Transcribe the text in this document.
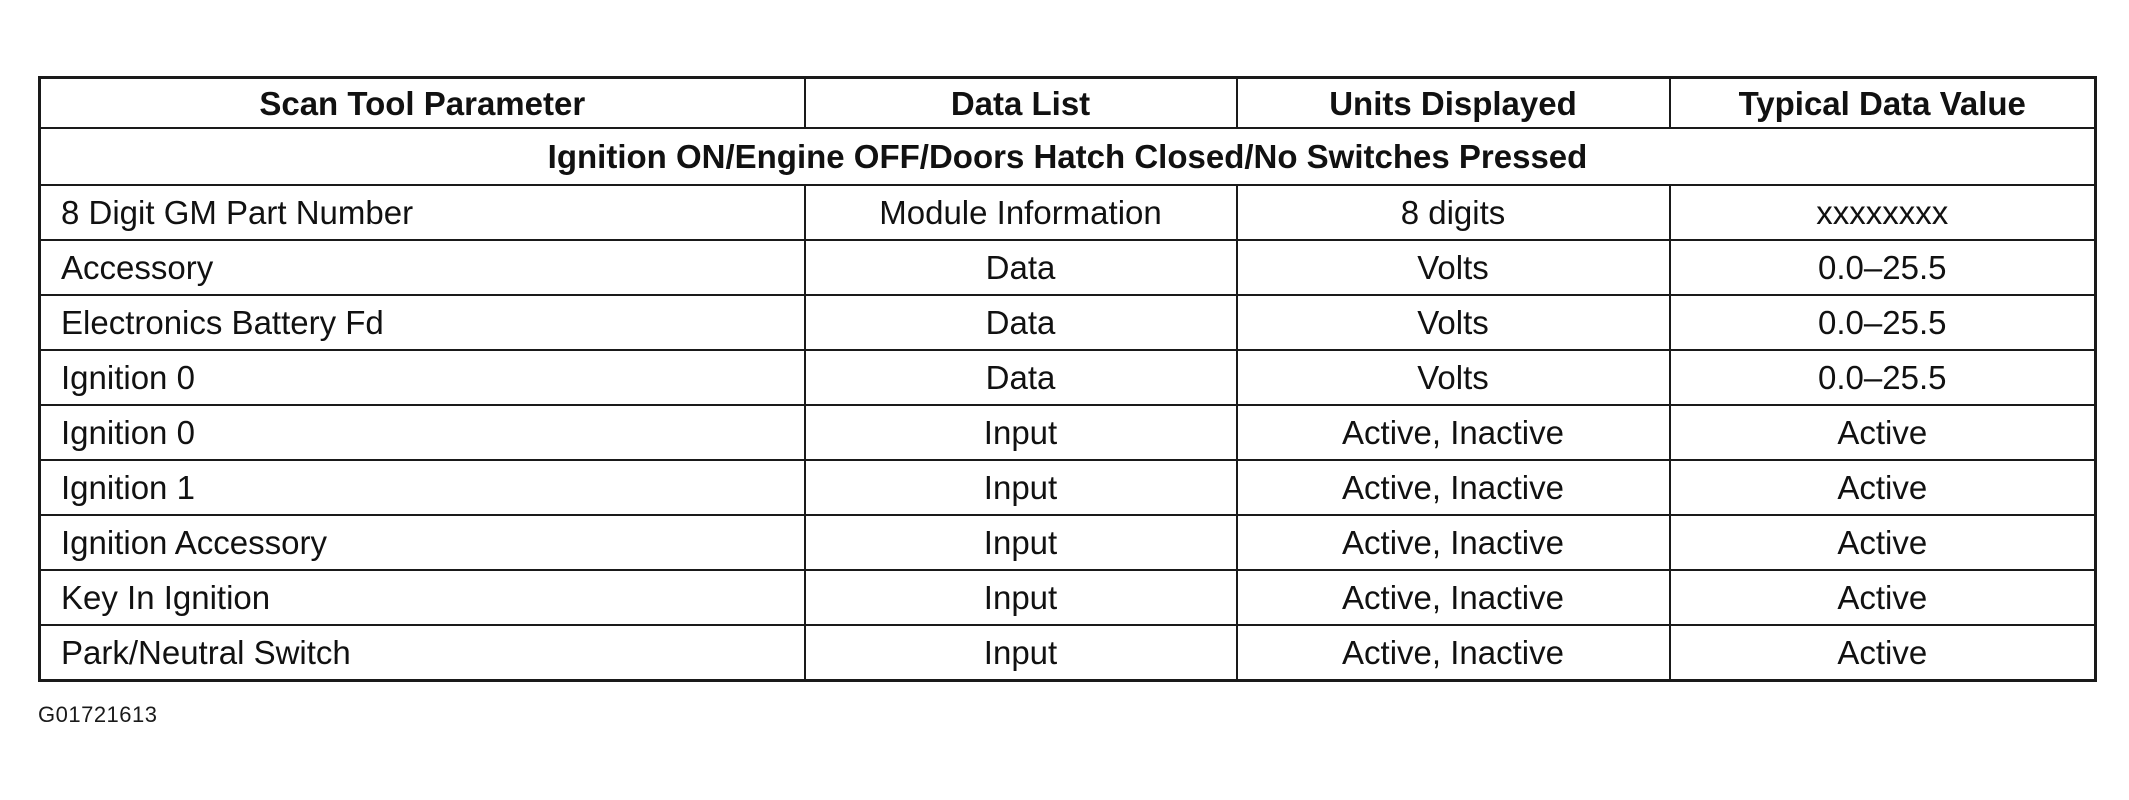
Scan Tool Parameter	Data List	Units Displayed	Typical Data Value
Ignition ON/Engine OFF/Doors Hatch Closed/No Switches Pressed			
8 Digit GM Part Number	Module Information	8 digits	xxxxxxxx
Accessory	Data	Volts	0.0–25.5
Electronics Battery Fd	Data	Volts	0.0–25.5
Ignition 0	Data	Volts	0.0–25.5
Ignition 0	Input	Active, Inactive	Active
Ignition 1	Input	Active, Inactive	Active
Ignition Accessory	Input	Active, Inactive	Active
Key In Ignition	Input	Active, Inactive	Active
Park/Neutral Switch	Input	Active, Inactive	Active
G01721613
